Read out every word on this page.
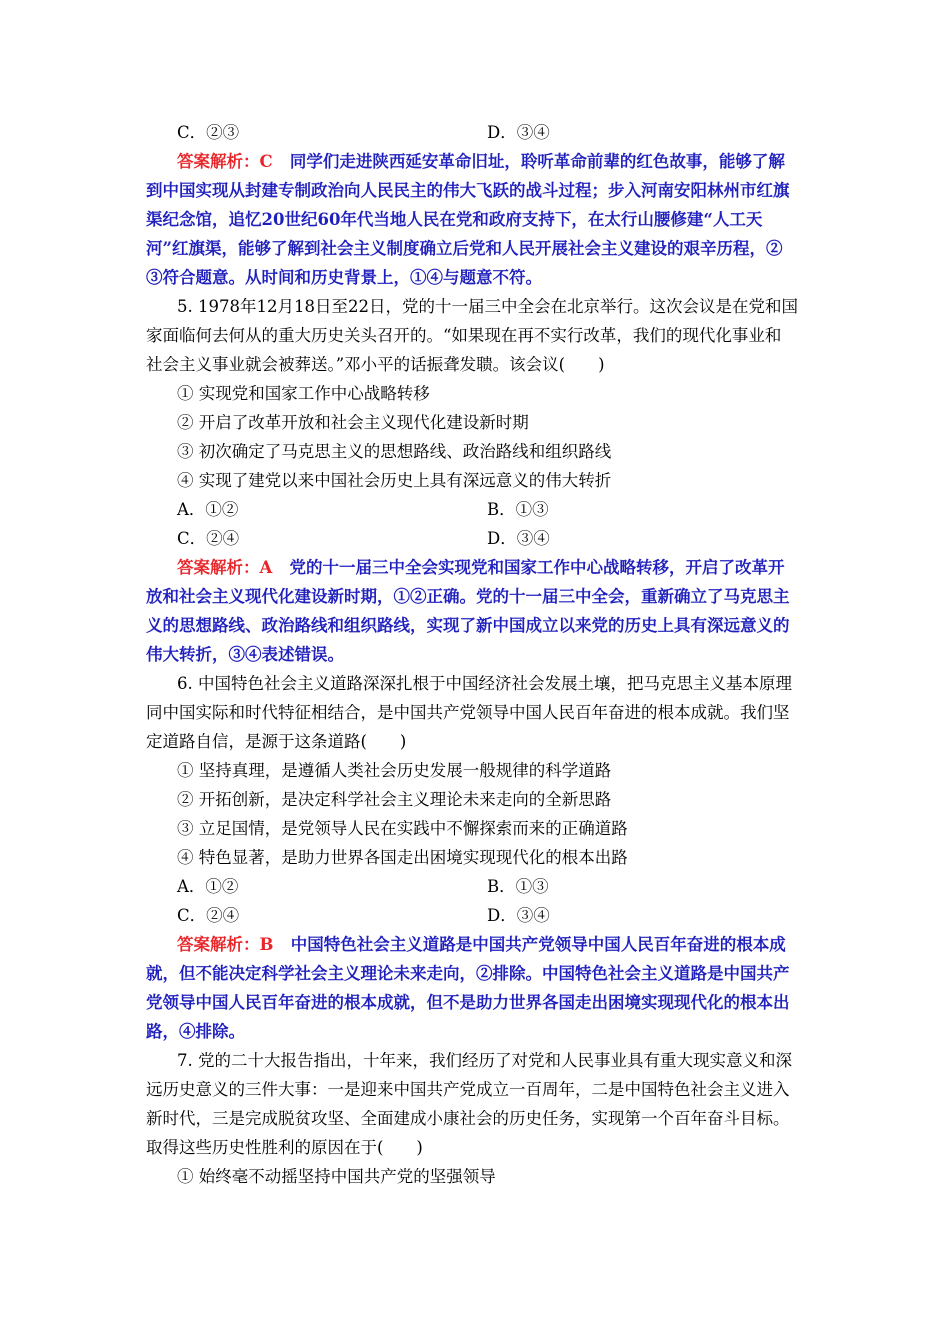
C．②③	D．③④
答案解析：C 同学们走进陕西延安革命旧址，聆听革命前辈的红色故事，能够了解
到中国实现从封建专制政治向人民民主的伟大飞跃的战斗过程；步入河南安阳林州市红旗
渠纪念馆，追忆20世纪60年代当地人民在党和政府支持下，在太行山腰修建“人工天
河”红旗渠，能够了解到社会主义制度确立后党和人民开展社会主义建设的艰辛历程，②
③符合题意。从时间和历史背景上，①④与题意不符。
5. 1978年12月18日至22日，党的十一届三中全会在北京举行。这次会议是在党和国
家面临何去何从的重大历史关头召开的。“如果现在再不实行改革，我们的现代化事业和
社会主义事业就会被葬送。”邓小平的话振聋发聩。该会议(　　)
① 实现党和国家工作中心战略转移
② 开启了改革开放和社会主义现代化建设新时期
③ 初次确定了马克思主义的思想路线、政治路线和组织路线
④ 实现了建党以来中国社会历史上具有深远意义的伟大转折
A．①②	B．①③
C．②④	D．③④
答案解析：A 党的十一届三中全会实现党和国家工作中心战略转移，开启了改革开
放和社会主义现代化建设新时期，①②正确。党的十一届三中全会，重新确立了马克思主
义的思想路线、政治路线和组织路线，实现了新中国成立以来党的历史上具有深远意义的
伟大转折，③④表述错误。
6. 中国特色社会主义道路深深扎根于中国经济社会发展土壤，把马克思主义基本原理
同中国实际和时代特征相结合，是中国共产党领导中国人民百年奋进的根本成就。我们坚
定道路自信，是源于这条道路(　　)
① 坚持真理，是遵循人类社会历史发展一般规律的科学道路
② 开拓创新，是决定科学社会主义理论未来走向的全新思路
③ 立足国情，是党领导人民在实践中不懈探索而来的正确道路
④ 特色显著，是助力世界各国走出困境实现现代化的根本出路
A．①②	B．①③
C．②④	D．③④
答案解析：B 中国特色社会主义道路是中国共产党领导中国人民百年奋进的根本成
就，但不能决定科学社会主义理论未来走向，②排除。中国特色社会主义道路是中国共产
党领导中国人民百年奋进的根本成就，但不是助力世界各国走出困境实现现代化的根本出
路，④排除。
7. 党的二十大报告指出，十年来，我们经历了对党和人民事业具有重大现实意义和深
远历史意义的三件大事：一是迎来中国共产党成立一百周年，二是中国特色社会主义进入
新时代，三是完成脱贫攻坚、全面建成小康社会的历史任务，实现第一个百年奋斗目标。
取得这些历史性胜利的原因在于(　　)
① 始终毫不动摇坚持中国共产党的坚强领导
